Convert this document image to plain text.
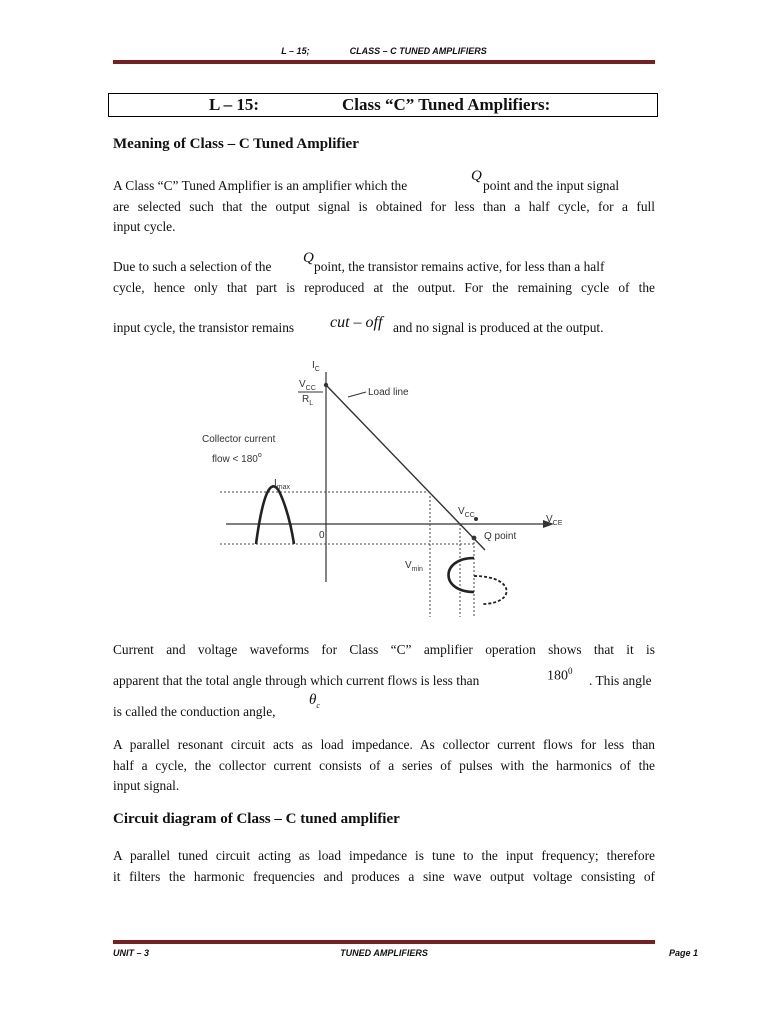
L – 15;	CLASS – C TUNED AMPLIFIERS
L – 15:	Class “C” Tuned Amplifiers:
Meaning of Class – C Tuned Amplifier
A Class “C” Tuned Amplifier is an amplifier which the	point and the input signal
are selected such that the output signal is obtained for less than a half cycle, for a full
input cycle.
Q
Due to such a selection of the	point, the transistor remains active, for less than a half
cycle, hence only that part is reproduced at the output. For the remaining cycle of the
Q
input cycle, the transistor remains	and no signal is produced at the output.
cut – off
$I_C$
$V_{CC}$
$R_L$
Load line
Collector current
flow < $180^o$
$I_{max}$
$V_{CC}$	$V_{CE}$
0	Q point
$V_{min}$
Current and voltage waveforms for Class “C” amplifier operation shows that it is
apparent that the total angle through which current flows is less than	. This angle
$180^0$
is called the conduction angle,
$\theta_c$
A parallel resonant circuit acts as load impedance. As collector current flows for less than
half a cycle, the collector current consists of a series of pulses with the harmonics of the
input signal.
Circuit diagram of Class – C tuned amplifier
A parallel tuned circuit acting as load impedance is tune to the input frequency; therefore
it filters the harmonic frequencies and produces a sine wave output voltage consisting of
UNIT – 3	TUNED AMPLIFIERS	Page 1
